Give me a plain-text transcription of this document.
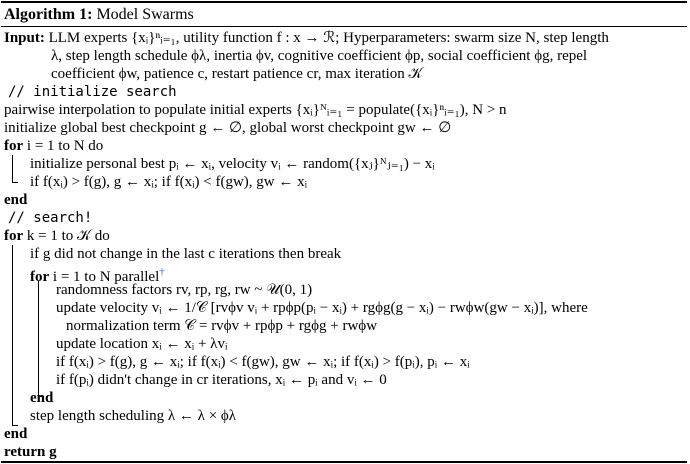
Algorithm 1: Model Swarms
Input: LLM experts {xᵢ}ⁿᵢ₌₁, utility function f : x → ℛ; Hyperparameters: swarm size N, step length
λ, step length schedule ϕλ, inertia ϕv, cognitive coefficient ϕp, social coefficient ϕg, repel
coefficient ϕw, patience c, restart patience cr, max iteration 𝒦
// initialize search
pairwise interpolation to populate initial experts {xᵢ}ᴺᵢ₌₁ = populate({xᵢ}ⁿᵢ₌₁), N > n
initialize global best checkpoint g ← ∅, global worst checkpoint gw ← ∅
for i = 1 to N do
initialize personal best pᵢ ← xᵢ, velocity vᵢ ← random({xⱼ}ᴺⱼ₌₁) − xᵢ
if f(xᵢ) > f(g), g ← xᵢ; if f(xᵢ) < f(gw), gw ← xᵢ
end
// search!
for k = 1 to 𝒦 do
if g did not change in the last c iterations then break
for i = 1 to N parallel†
randomness factors rv, rp, rg, rw ~ 𝒰(0, 1)
update velocity vᵢ ← 1/𝒞 [rvϕv vᵢ + rpϕp(pᵢ − xᵢ) + rgϕg(g − xᵢ) − rwϕw(gw − xᵢ)], where
normalization term 𝒞 = rvϕv + rpϕp + rgϕg + rwϕw
update location xᵢ ← xᵢ + λvᵢ
if f(xᵢ) > f(g), g ← xᵢ; if f(xᵢ) < f(gw), gw ← xᵢ; if f(xᵢ) > f(pᵢ), pᵢ ← xᵢ
if f(pᵢ) didn't change in cr iterations, xᵢ ← pᵢ and vᵢ ← 0
end
step length scheduling λ ← λ × ϕλ
end
return g
